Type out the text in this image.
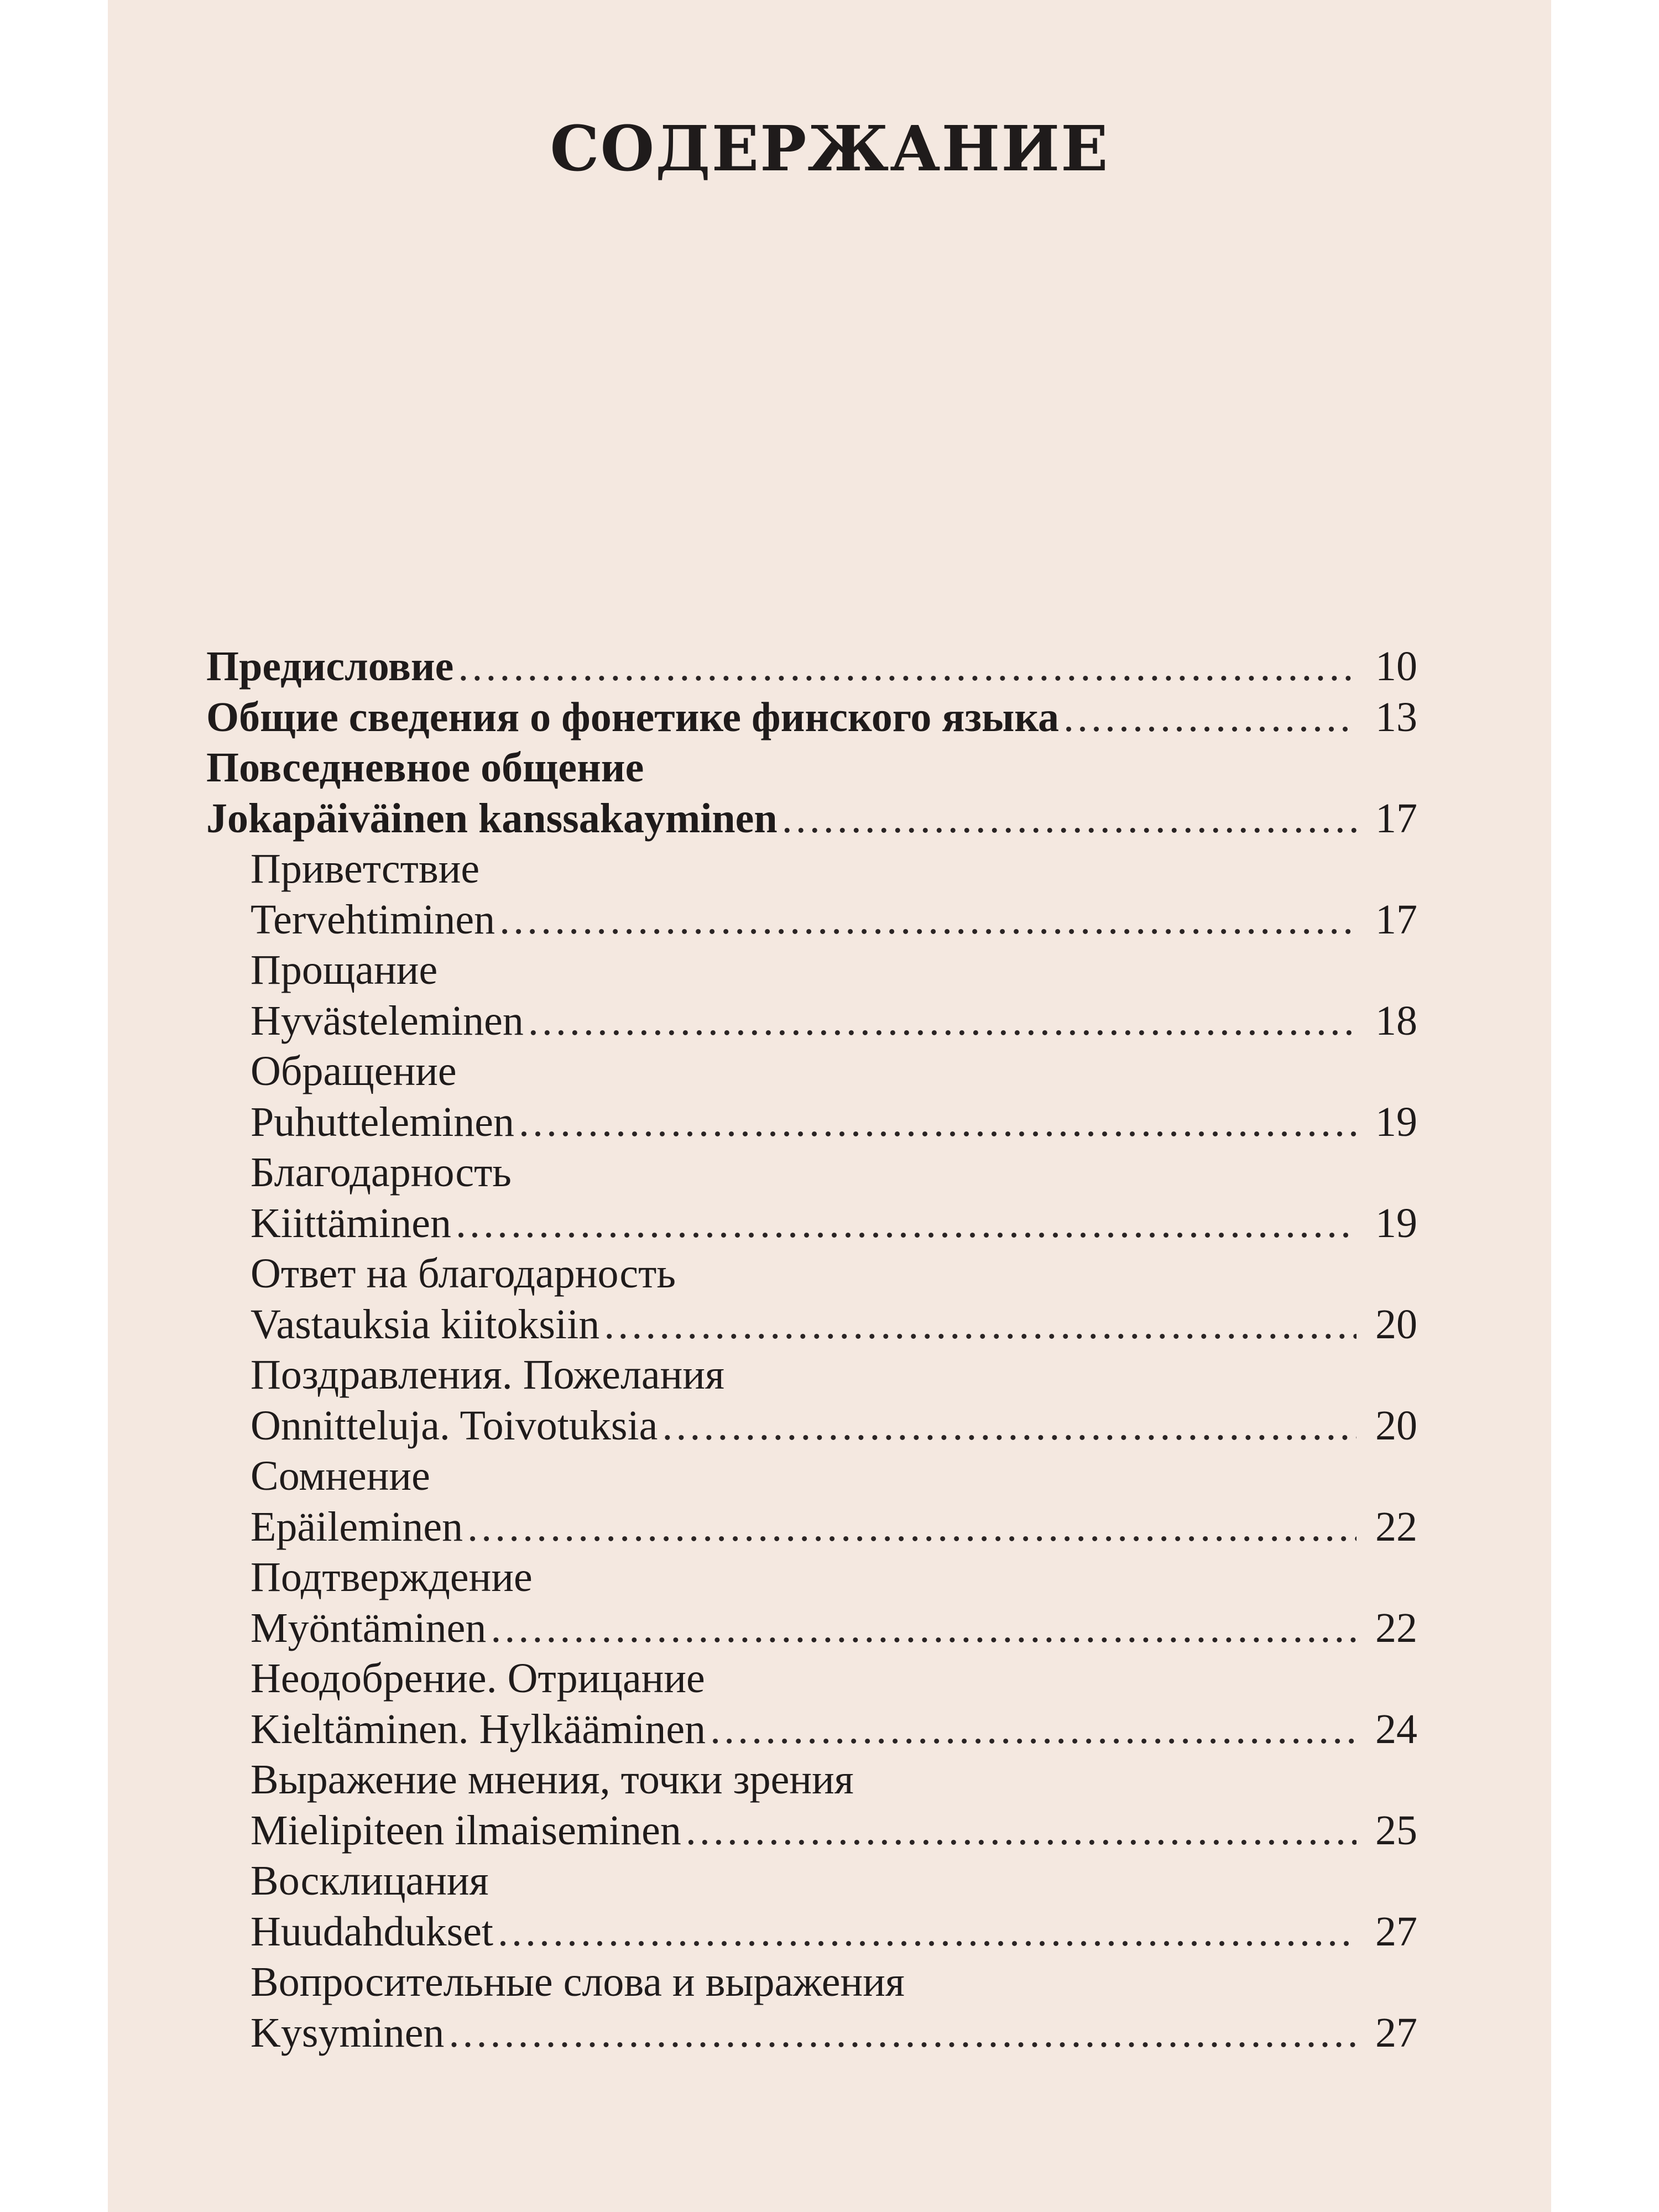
СОДЕРЖАНИЕ
Предисловие .....	10
Общие сведения о фонетике финского языка .....	13
Повседневное общение
Jokapäiväinen kanssakayminen .....	17
Приветствие
Tervehtiminen .....	17
Прощание
Hyvästeleminen .....	18
Обращение
Puhutteleminen .....	19
Благодарность
Kiittäminen .....	19
Ответ на благодарность
Vastauksia kiitoksiin .....	20
Поздравления. Пожелания
Onnitteluja. Toivotuksia .....	20
Сомнение
Epäileminen .....	22
Подтверждение
Myöntäminen .....	22
Неодобрение. Отрицание
Kieltäminen. Hylkääminen .....	24
Выражение мнения, точки зрения
Mielipiteen ilmaiseminen .....	25
Восклицания
Huudahdukset .....	27
Вопросительные слова и выражения
Kysyminen .....	27
